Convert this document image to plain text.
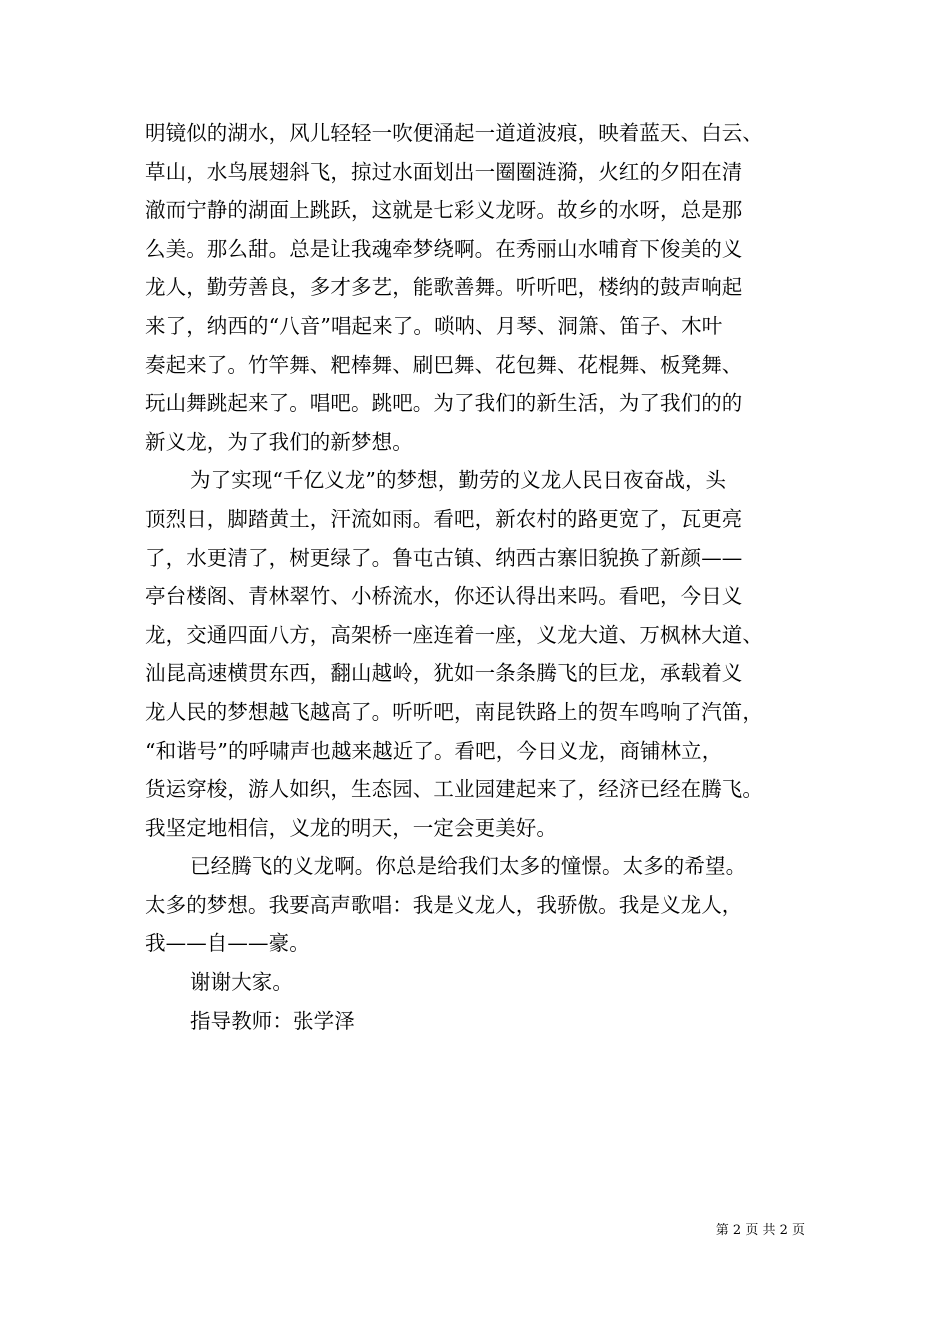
明镜似的湖水，风儿轻轻一吹便涌起一道道波痕，映着蓝天、白云、
草山，水鸟展翅斜飞，掠过水面划出一圈圈涟漪，火红的夕阳在清
澈而宁静的湖面上跳跃，这就是七彩义龙呀。故乡的水呀，总是那
么美。那么甜。总是让我魂牵梦绕啊。在秀丽山水哺育下俊美的义
龙人，勤劳善良，多才多艺，能歌善舞。听听吧，楼纳的鼓声响起
来了，纳西的“八音”唱起来了。唢呐、月琴、洞箫、笛子、木叶
奏起来了。竹竿舞、粑棒舞、刷巴舞、花包舞、花棍舞、板凳舞、
玩山舞跳起来了。唱吧。跳吧。为了我们的新生活，为了我们的的
新义龙，为了我们的新梦想。
为了实现“千亿义龙”的梦想，勤劳的义龙人民日夜奋战，头
顶烈日，脚踏黄土，汗流如雨。看吧，新农村的路更宽了，瓦更亮
了，水更清了，树更绿了。鲁屯古镇、纳西古寨旧貌换了新颜——
亭台楼阁、青林翠竹、小桥流水，你还认得出来吗。看吧，今日义
龙，交通四面八方，高架桥一座连着一座，义龙大道、万枫林大道、
汕昆高速横贯东西，翻山越岭，犹如一条条腾飞的巨龙，承载着义
龙人民的梦想越飞越高了。听听吧，南昆铁路上的贺车鸣响了汽笛，
“和谐号”的呼啸声也越来越近了。看吧，今日义龙，商铺林立，
货运穿梭，游人如织，生态园、工业园建起来了，经济已经在腾飞。
我坚定地相信，义龙的明天，一定会更美好。
已经腾飞的义龙啊。你总是给我们太多的憧憬。太多的希望。
太多的梦想。我要高声歌唱：我是义龙人，我骄傲。我是义龙人，
我——自——豪。
谢谢大家。
指导教师：张学泽
第 2 页 共 2 页
